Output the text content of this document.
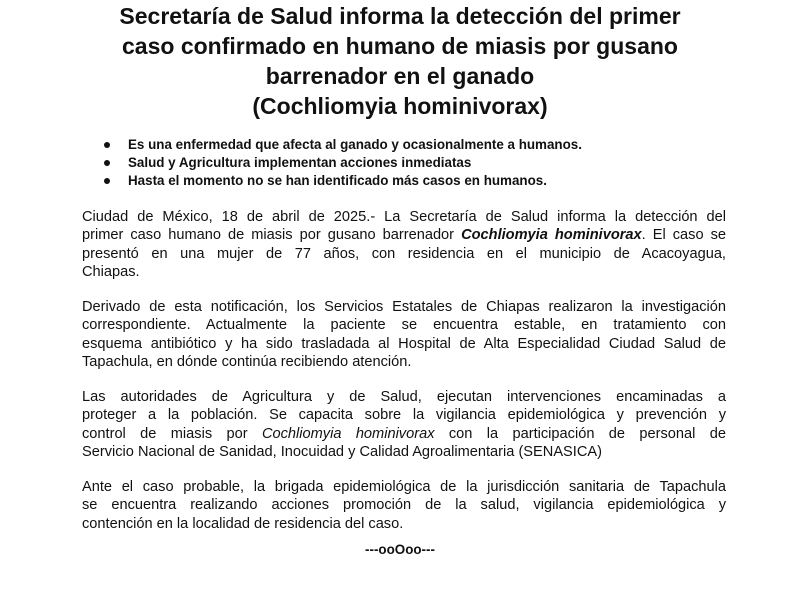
Secretaría de Salud informa la detección del primer
caso confirmado en humano de miasis por gusano
barrenador en el ganado
(Cochliomyia hominivorax)
Es una enfermedad que afecta al ganado y ocasionalmente a humanos.
Salud y Agricultura implementan acciones inmediatas
Hasta el momento no se han identificado más casos en humanos.

Ciudad de México, 18 de abril de 2025.- La Secretaría de Salud informa la detección del
primer caso humano de miasis por gusano barrenador Cochliomyia hominivorax. El caso se
presentó en una mujer de 77 años, con residencia en el municipio de Acacoyagua,
Chiapas.

Derivado de esta notificación, los Servicios Estatales de Chiapas realizaron la investigación
correspondiente. Actualmente la paciente se encuentra estable, en tratamiento con
esquema antibiótico y ha sido trasladada al Hospital de Alta Especialidad Ciudad Salud de
Tapachula, en dónde continúa recibiendo atención.

Las autoridades de Agricultura y de Salud, ejecutan intervenciones encaminadas a
proteger a la población. Se capacita sobre la vigilancia epidemiológica y prevención y
control de miasis por Cochliomyia hominivorax con la participación de personal de
Servicio Nacional de Sanidad, Inocuidad y Calidad Agroalimentaria (SENASICA)

Ante el caso probable, la brigada epidemiológica de la jurisdicción sanitaria de Tapachula
se encuentra realizando acciones promoción de la salud, vigilancia epidemiológica y
contención en la localidad de residencia del caso.

---ooOoo---
